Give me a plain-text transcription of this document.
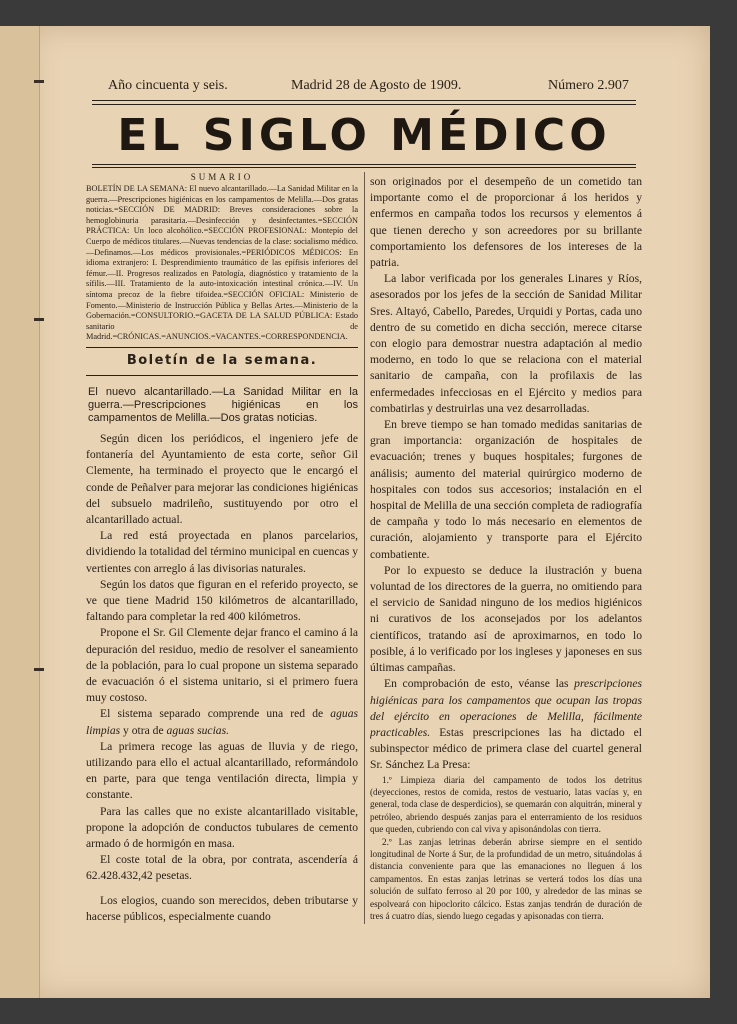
Año cincuenta y seis.	Madrid 28 de Agosto de 1909.	Número 2.907
EL SIGLO MÉDICO
SUMARIO
BOLETÍN DE LA SEMANA: El nuevo alcantarillado.—La Sanidad Militar en la guerra.—Prescripciones higiénicas en los campamentos de Melilla.—Dos gratas noticias.=SECCIÓN DE MADRID: Breves consideraciones sobre la hemoglobinuria parasitaria.—Desinfección y desinfectantes.=SECCIÓN PRÁCTICA: Un loco alcohólico.=SECCIÓN PROFESIONAL: Montepío del Cuerpo de médicos titulares.—Nuevas tendencias de la clase: socialismo médico.—Definamos.—Los médicos provisionales.=PERIÓDICOS MÉDICOS: En idioma extranjero: I. Desprendimiento traumático de las epífisis inferiores del fémur.—II. Progresos realizados en Patología, diagnóstico y tratamiento de la sífilis.—III. Tratamiento de la auto-intoxicación intestinal crónica.—IV. Un síntoma precoz de la fiebre tifoidea.=SECCIÓN OFICIAL: Ministerio de Fomento.—Ministerio de Instrucción Pública y Bellas Artes.—Ministerio de la Gobernación.=CONSULTORIO.=GACETA DE LA SALUD PÚBLICA: Estado sanitario de Madrid.=CRÓNICAS.=ANUNCIOS.=VACANTES.=CORRESPONDENCIA.
Boletín de la semana.
El nuevo alcantarillado.—La Sanidad Militar en la guerra.—Prescripciones higiénicas en los campamentos de Melilla.—Dos gratas noticias.

Según dicen los periódicos, el ingeniero jefe de fontanería del Ayuntamiento de esta corte, señor Gil Clemente, ha terminado el proyecto que le encargó el conde de Peñalver para mejorar las condiciones higiénicas del subsuelo madrileño, sustituyendo por otro el alcantarillado actual.

La red está proyectada en planos parcelarios, dividiendo la totalidad del término municipal en cuencas y vertientes con arreglo á las divisorias naturales.

Según los datos que figuran en el referido proyecto, se ve que tiene Madrid 150 kilómetros de alcantarillado, faltando para completar la red 400 kilómetros.

Propone el Sr. Gil Clemente dejar franco el camino á la depuración del residuo, medio de resolver el saneamiento de la población, para lo cual propone un sistema separado de evacuación ó el sistema unitario, si el primero fuera muy costoso.

El sistema separado comprende una red de aguas limpias y otra de aguas sucias.

La primera recoge las aguas de lluvia y de riego, utilizando para ello el actual alcantarillado, reformándolo en parte, para que tenga ventilación directa, limpia y constante.

Para las calles que no existe alcantarillado visitable, propone la adopción de conductos tubulares de cemento armado ó de hormigón en masa.

El coste total de la obra, por contrata, ascendería á 62.428.432,42 pesetas.

Los elogios, cuando son merecidos, deben tributarse y hacerse públicos, especialmente cuando

son originados por el desempeño de un cometido tan importante como el de proporcionar á los heridos y enfermos en campaña todos los recursos y elementos á que tienen derecho y son acreedores por su brillante comportamiento los defensores de los intereses de la patria.

La labor verificada por los generales Linares y Ríos, asesorados por los jefes de la sección de Sanidad Militar Sres. Altayó, Cabello, Paredes, Urquidi y Portas, cada uno dentro de su cometido en dicha sección, merece citarse con elogio para demostrar nuestra adaptación al medio moderno, en todo lo que se relaciona con el material sanitario de campaña, con la profilaxis de las enfermedades infecciosas en el Ejército y medios para combatirlas y destruirlas una vez desarrolladas.

En breve tiempo se han tomado medidas sanitarias de gran importancia: organización de hospitales de evacuación; trenes y buques hospitales; furgones de análisis; aumento del material quirúrgico moderno de hospitales con todos sus accesorios; instalación en el hospital de Melilla de una sección completa de radiografía de campaña y todo lo más necesario en elementos de curación, alojamiento y transporte para el Ejército combatiente.

Por lo expuesto se deduce la ilustración y buena voluntad de los directores de la guerra, no omitiendo para el servicio de Sanidad ninguno de los medios higiénicos ni curativos de los aconsejados por los adelantos científicos, tratando así de aproximarnos, en todo lo posible, á lo verificado por los ingleses y japoneses en sus últimas campañas.

En comprobación de esto, véanse las prescripciones higiénicas para los campamentos que ocupan las tropas del ejército en operaciones de Melilla, fácilmente practicables. Estas prescripciones las ha dictado el subinspector médico de primera clase del cuartel general Sr. Sánchez La Presa:

1.º Limpieza diaria del campamento de todos los detritus (deyecciones, restos de comida, restos de vestuario, latas vacías y, en general, toda clase de desperdicios), se quemarán con alquitrán, mineral y petróleo, abriendo después zanjas para el enterramiento de los residuos que queden, cubriendo con cal viva y apisonándolas con tierra.

2.º Las zanjas letrinas deberán abrirse siempre en el sentido longitudinal de Norte á Sur, de la profundidad de un metro, situándolas á distancia conveniente para que las emanaciones no lleguen á los campamentos. En estas zanjas letrinas se verterá todos los días una solución de sulfato ferroso al 20 por 100, y alrededor de las minas se espolveará con hipoclorito cálcico. Estas zanjas tendrán de duración de tres á cuatro días, siendo luego cegadas y apisonadas con tierra.
